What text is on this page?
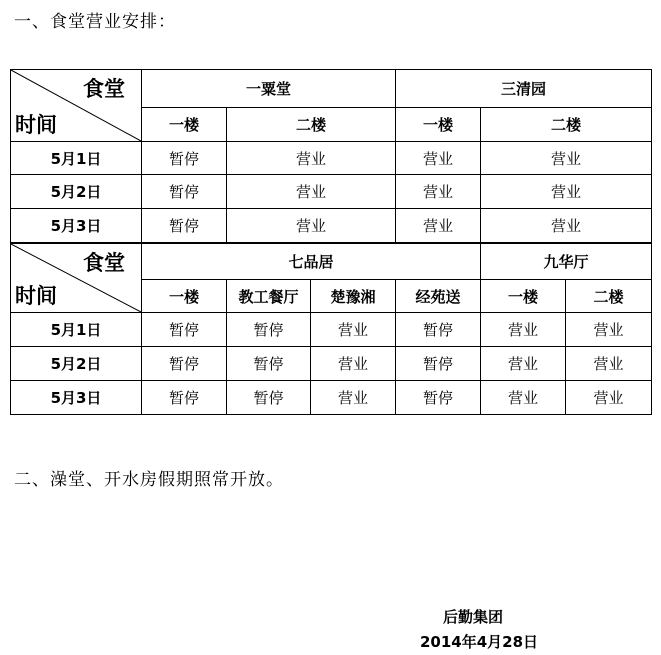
一、食堂营业安排：
食堂
时间	一粟堂		三清园	
	一楼	二楼	一楼	二楼
5月1日	暂停	营业	营业	营业
5月2日	暂停	营业	营业	营业
5月3日	暂停	营业	营业	营业
食堂
时间	七品居				九华厅	
	一楼	教工餐厅	楚豫湘	经苑送	一楼	二楼
5月1日	暂停	暂停	营业	暂停	营业	营业
5月2日	暂停	暂停	营业	暂停	营业	营业
5月3日	暂停	暂停	营业	暂停	营业	营业
二、澡堂、开水房假期照常开放。
后勤集团
2014年4月28日
